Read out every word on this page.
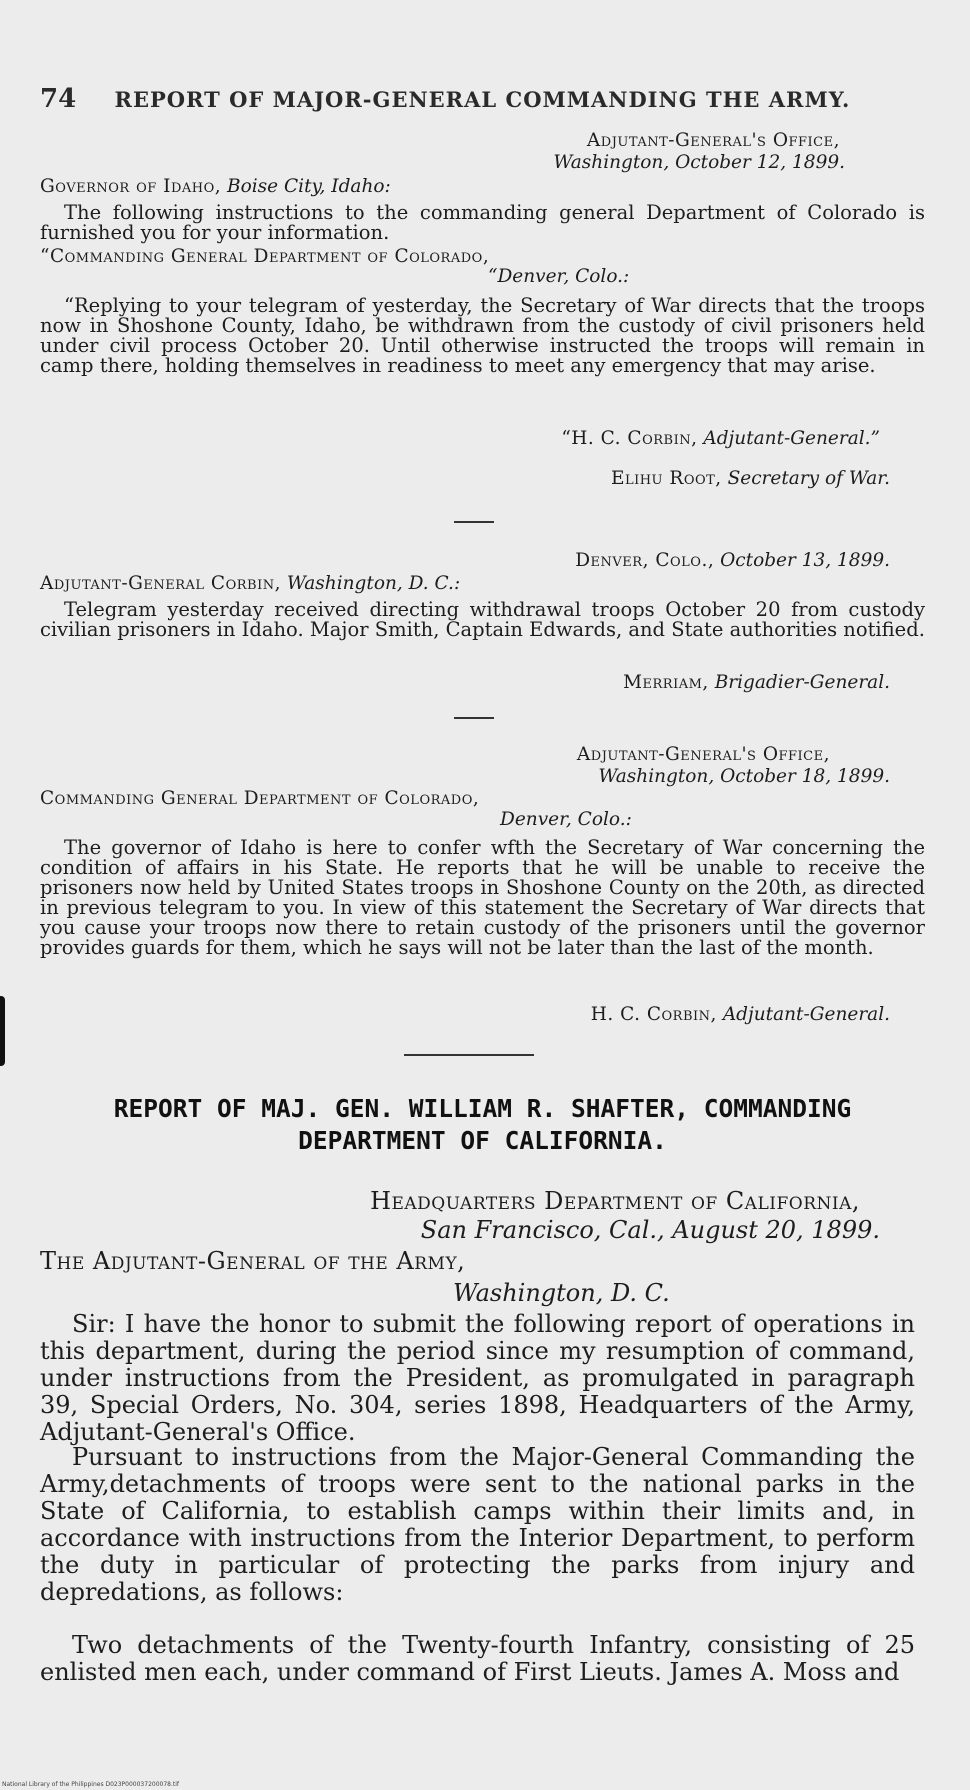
74 REPORT OF MAJOR-GENERAL COMMANDING THE ARMY.
Adjutant-General's Office,
Washington, October 12, 1899.
Governor of Idaho, Boise City, Idaho:

The following instructions to the commanding general Department of Colorado is furnished you for your information.

“Commanding General Department of Colorado,
“Denver, Colo.:

“Replying to your telegram of yesterday, the Secretary of War directs that the troops now in Shoshone County, Idaho, be withdrawn from the custody of civil prisoners held under civil process October 20. Until otherwise instructed the troops will remain in camp there, holding themselves in readiness to meet any emergency that may arise.

“H. C. Corbin, Adjutant-General.”
Elihu Root, Secretary of War.
Denver, Colo., October 13, 1899.
Adjutant-General Corbin, Washington, D. C.:

Telegram yesterday received directing withdrawal troops October 20 from custody civilian prisoners in Idaho. Major Smith, Captain Edwards, and State authorities notified.

Merriam, Brigadier-General.
Adjutant-General's Office,
Washington, October 18, 1899.
Commanding General Department of Colorado,
Denver, Colo.:

The governor of Idaho is here to confer wfth the Secretary of War concerning the condition of affairs in his State. He reports that he will be unable to receive the prisoners now held by United States troops in Shoshone County on the 20th, as directed in previous telegram to you. In view of this statement the Secretary of War directs that you cause your troops now there to retain custody of the prisoners until the governor provides guards for them, which he says will not be later than the last of the month.

H. C. Corbin, Adjutant-General.
REPORT OF MAJ. GEN. WILLIAM R. SHAFTER, COMMANDING
DEPARTMENT OF CALIFORNIA.
Headquarters Department of California,
San Francisco, Cal., August 20, 1899.
The Adjutant-General of the Army,
Washington, D. C.

Sir: I have the honor to submit the following report of operations in this department, during the period since my resumption of command, under instructions from the President, as promulgated in paragraph 39, Special Orders, No. 304, series 1898, Headquarters of the Army, Adjutant-General's Office.

Pursuant to instructions from the Major-General Commanding the Army,detachments of troops were sent to the national parks in the State of California, to establish camps within their limits and, in accordance with instructions from the Interior Department, to perform the duty in particular of protecting the parks from injury and depredations, as follows:

Two detachments of the Twenty-fourth Infantry, consisting of 25 enlisted men each, under command of First Lieuts. James A. Moss and

National Library of the Philippines D023P000037200078.tif
